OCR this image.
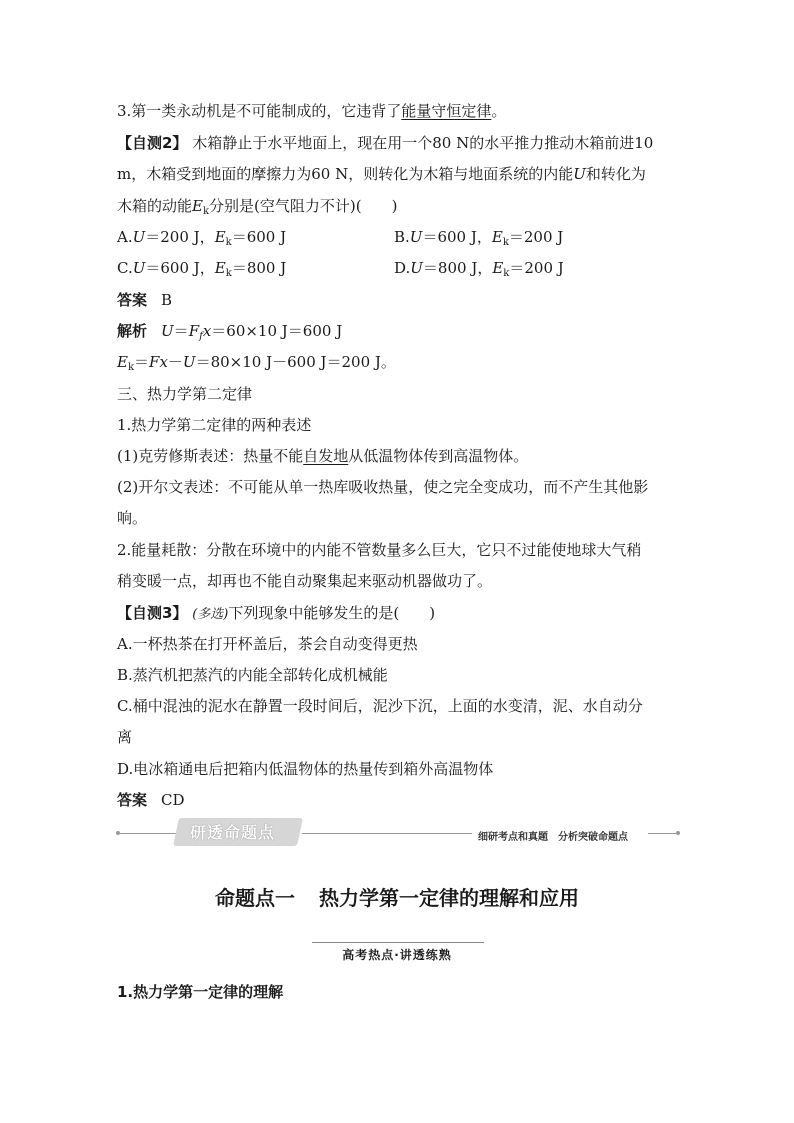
3.第一类永动机是不可能制成的，它违背了能量守恒定律。
【自测2】 木箱静止于水平地面上，现在用一个80 N的水平推力推动木箱前进10
m，木箱受到地面的摩擦力为60 N，则转化为木箱与地面系统的内能U和转化为
木箱的动能$E_k$分别是(空气阻力不计)(　　)
A.U＝200 J，$E_k=600$ J	B.U＝600 J，$E_k=200$ J
C.U＝600 J，$E_k=800$ J	D.U＝800 J，$E_k=200$ J
答案 B
解析 $U=F_fx=60\times 10$ J＝600 J
$E_k=Fx-U=80\times 10$ J－600 J＝200 J。
三、热力学第二定律
1.热力学第二定律的两种表述
(1)克劳修斯表述：热量不能自发地从低温物体传到高温物体。
(2)开尔文表述：不可能从单一热库吸收热量，使之完全变成功，而不产生其他影
响。
2.能量耗散：分散在环境中的内能不管数量多么巨大，它只不过能使地球大气稍
稍变暖一点，却再也不能自动聚集起来驱动机器做功了。
【自测3】 (多选)下列现象中能够发生的是(　　)
A.一杯热茶在打开杯盖后，茶会自动变得更热
B.蒸汽机把蒸汽的内能全部转化成机械能
C.桶中混浊的泥水在静置一段时间后，泥沙下沉，上面的水变清，泥、水自动分
离
D.电冰箱通电后把箱内低温物体的热量传到箱外高温物体
答案 CD
研透命题点	细研考点和真题 分析突破命题点
命题点一 热力学第一定律的理解和应用
高考热点·讲透练熟
1.热力学第一定律的理解
